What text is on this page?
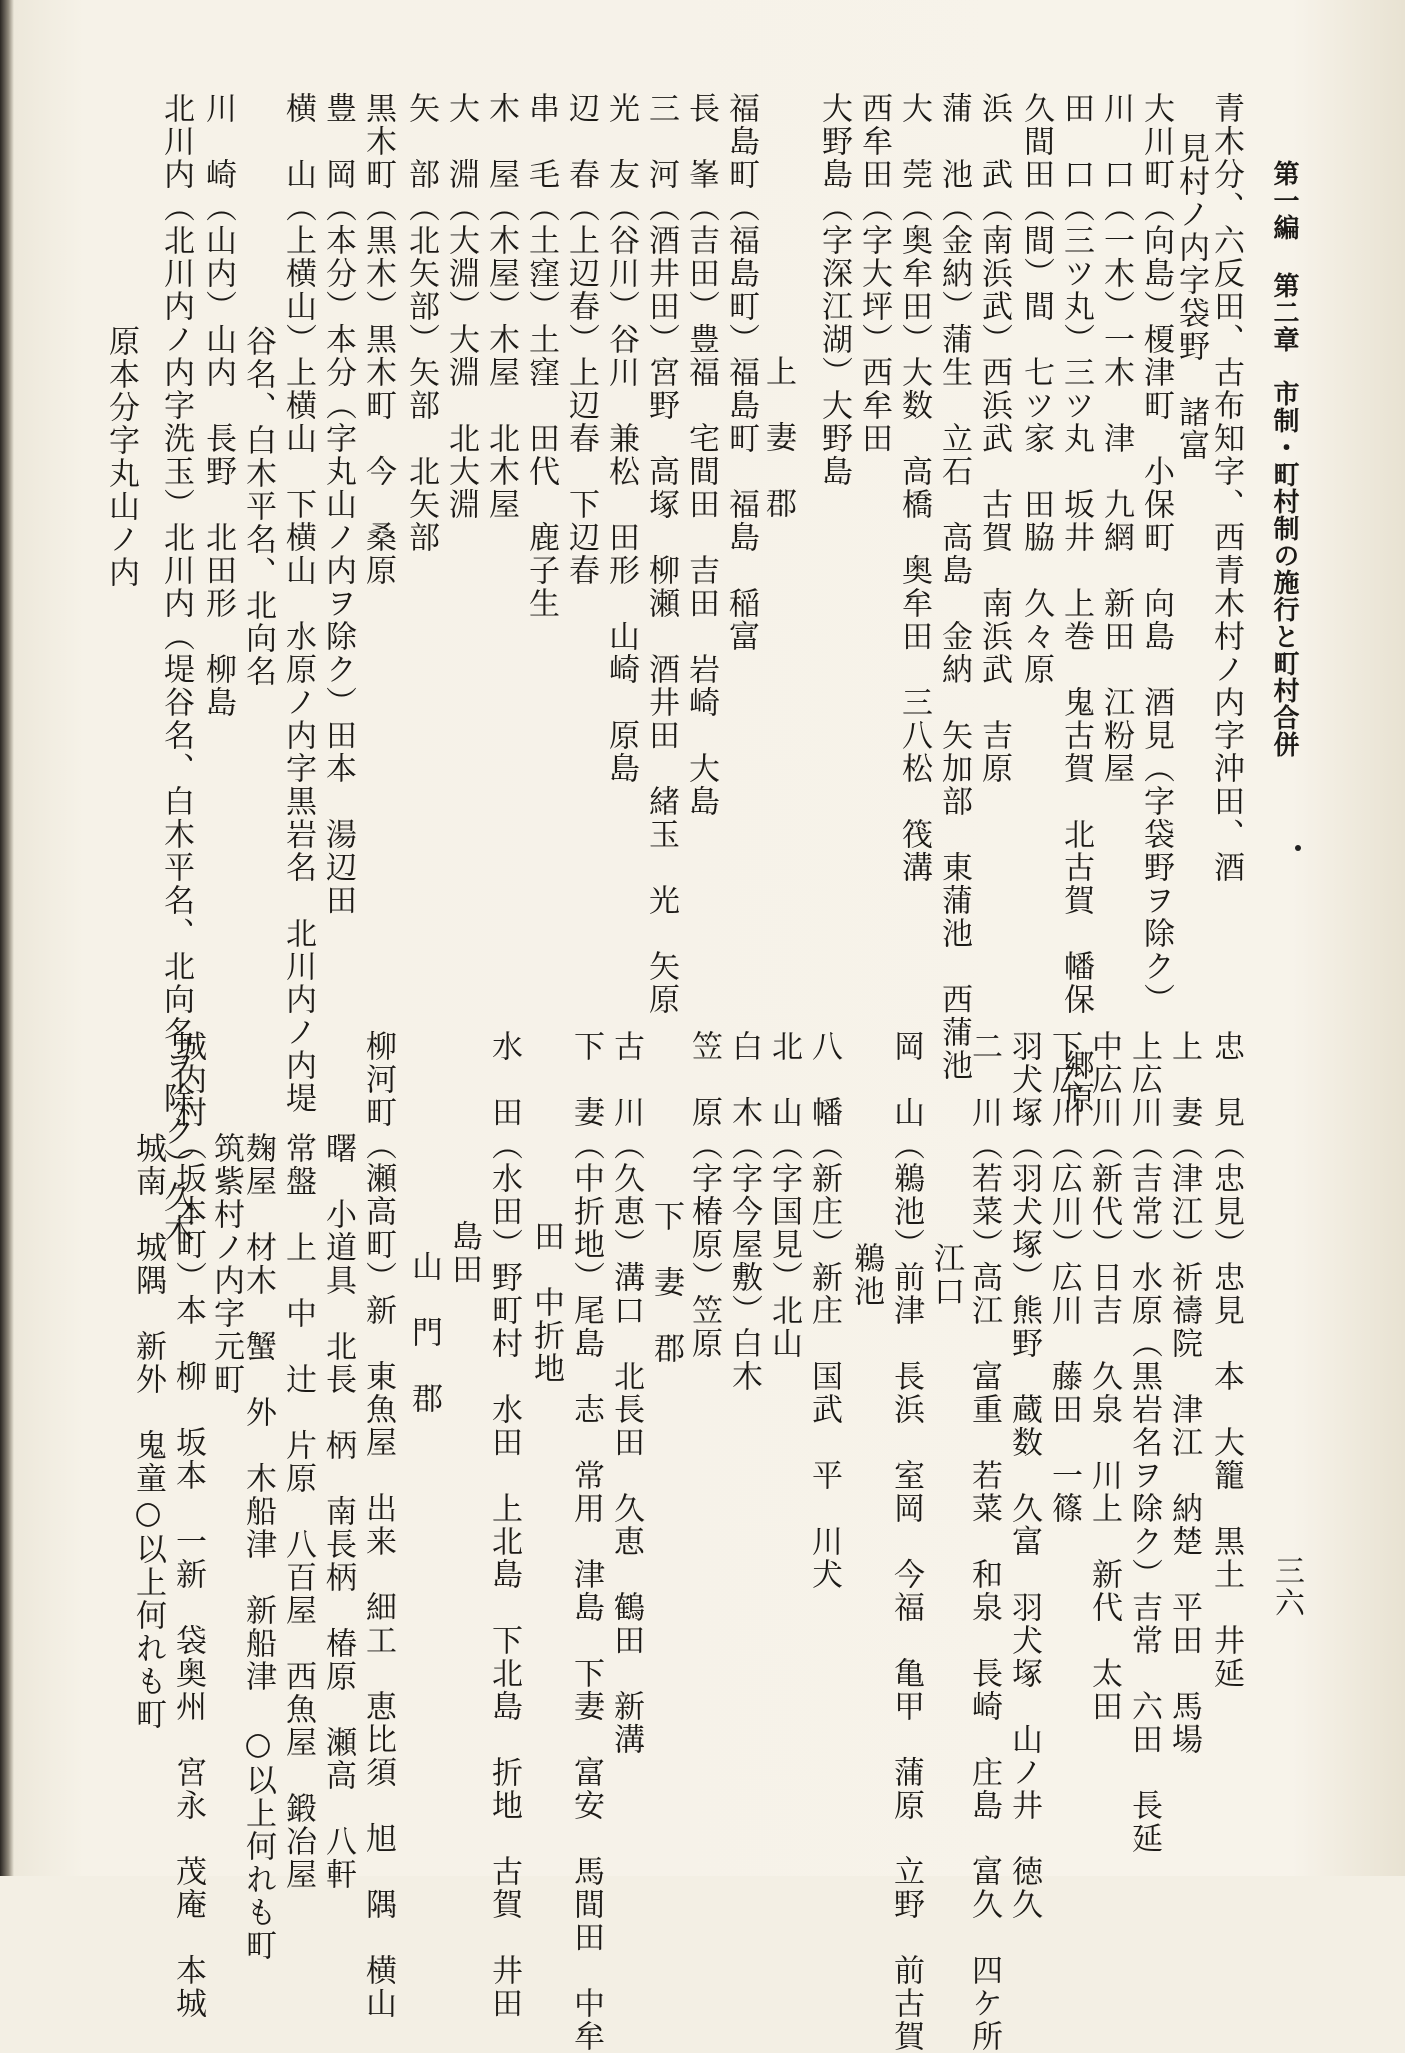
第一編 第二章　市制・町村制の施行と町村合併
三六
青木分、六反田、古布知字、西青木村ノ内字沖田、酒
見村ノ内字袋野　諸富
大川町（向島）榎津町　小保町　向島　酒見（字袋野ヲ除ク）
川　口（一木）一木　津　九網　新田　江粉屋
田　口（三ツ丸）三ツ丸　坂井　上巻　鬼古賀　北古賀　幡保　郷原
久間田（間）間　七ツ家　田脇　久々原
浜　武（南浜武）西浜武　古賀　南浜武　吉原
蒲　池（金納）蒲生　立石　高島　金納　矢加部　東蒲池　西蒲池
大　莞（奥牟田）大数　高橋　奥牟田　三八松　筏溝
西牟田（字大坪）西牟田
大野島（字深江湖）大野島
上　妻　郡
福島町（福島町）福島町　福島　稲富
長　峯（吉田）豊福　宅間田　吉田　岩崎　大島
三　河（酒井田）宮野　高塚　柳瀬　酒井田　緒玉　光　矢原
光　友（谷川）谷川　兼松　田形　山崎　原島
辺　春（上辺春）上辺春　下辺春
串　毛（土窪）土窪　田代　鹿子生
木　屋（木屋）木屋　北木屋
大　淵（大淵）大淵　北大淵
矢　部（北矢部）矢部　北矢部
黒木町（黒木）黒木町　今　桑原
豊　岡（本分）本分（字丸山ノ内ヲ除ク）田本　湯辺田
横　山（上横山）上横山　下横山　水原ノ内字黒岩名　北川内ノ内堤
谷名、白木平名、北向名
川　崎（山内）山内　長野　北田形　柳島
北川内（北川内ノ内字洗玉）北川内（堤谷名、白木平名、北向名ヲ除ク）久木
原本分字丸山ノ内
忠　見（忠見）忠見　本　大籠　黒土　井延
上　妻（津江）祈禱院　津江　納楚　平田　馬場
上広川（吉常）水原（黒岩名ヲ除ク）吉常　六田　長延
中広川（新代）日吉　久泉　川上　新代　太田
下広川（広川）広川　藤田　一篠
羽犬塚（羽犬塚）熊野　蔵数　久富　羽犬塚　山ノ井　徳久
二　川（若菜）高江　富重　若菜　和泉　長崎　庄島　富久　四ケ所
江口
岡　山（鵜池）前津　長浜　室岡　今福　亀甲　蒲原　立野　前古賀
鵜池
八　幡（新庄）新庄　国武　平　川犬
北　山（字国見）北山
白　木（字今屋敷）白木
笠　原（字椿原）笠原
下　妻　郡
古　川（久恵）溝口　北長田　久恵　鶴田　新溝
下　妻（中折地）尾島　志　常用　津島　下妻　富安　馬間田　中牟
田　中折地
水　田（水田）野町村　水田　上北島　下北島　折地　古賀　井田
島田
山　門　郡
柳河町（瀬高町）新　東魚屋　出来　細工　恵比須　旭　隅　横山
曙　小道具　北長　柄　南長柄　椿原　瀬高　八軒
常盤　上　中　辻　片原　八百屋　西魚屋　鍛冶屋
麹屋　材木　蟹　外　木船津　新船津　○以上何れも町
筑紫村ノ内字元町
城内村（坂本町）本　柳　坂本　一新　袋奥州　宮永　茂庵　本城
城南　城隅　新外　鬼童○以上何れも町
